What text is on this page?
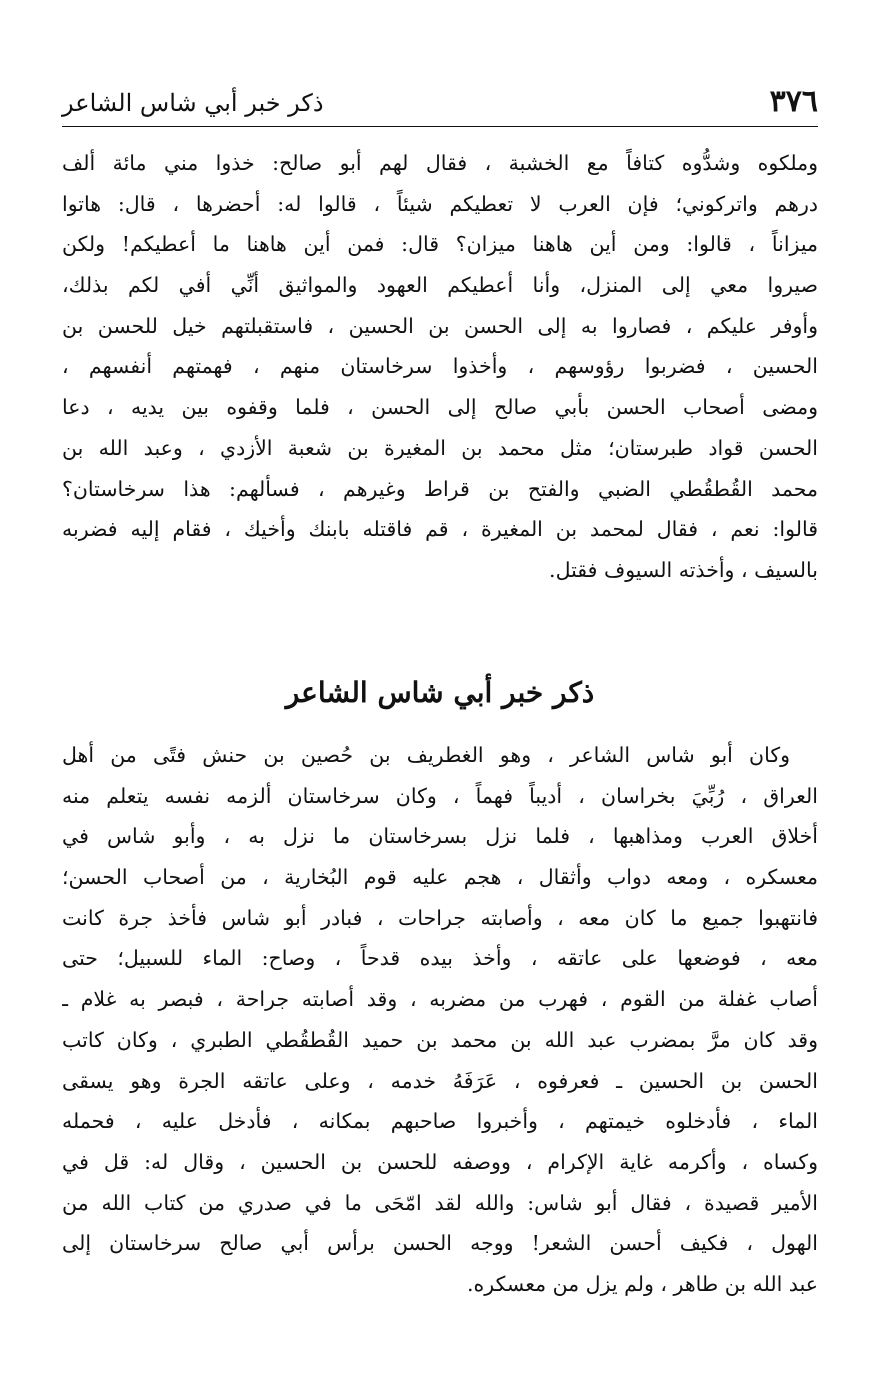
٣٧٦
ذكر خبر أبي شاس الشاعر
وملكوه وشدُّوه كتافاً مع الخشبة ، فقال لهم أبو صالح: خذوا مني مائة ألف
درهم واتركوني؛ فإن العرب لا تعطيكم شيئاً ، قالوا له: أحضرها ، قال: هاتوا
ميزاناً ، قالوا: ومن أين هاهنا ميزان؟ قال: فمن أين هاهنا ما أعطيكم! ولكن
صيروا معي إلى المنزل، وأنا أعطيكم العهود والمواثيق أنِّي أفي لكم بذلك،
وأوفر عليكم ، فصاروا به إلى الحسن بن الحسين ، فاستقبلتهم خيل للحسن بن
الحسين ، فضربوا رؤوسهم ، وأخذوا سرخاستان منهم ، فهمتهم أنفسهم ،
ومضى أصحاب الحسن بأبي صالح إلى الحسن ، فلما وقفوه بين يديه ، دعا
الحسن قواد طبرستان؛ مثل محمد بن المغيرة بن شعبة الأزدي ، وعبد الله بن
محمد القُطقُطي الضبي والفتح بن قراط وغيرهم ، فسألهم: هذا سرخاستان؟
قالوا: نعم ، فقال لمحمد بن المغيرة ، قم فاقتله بابنك وأخيك ، فقام إليه فضربه
بالسيف ، وأخذته السيوف فقتل.
ذكر خبر أبي شاس الشاعر
وكان أبو شاس الشاعر ، وهو الغطريف بن حُصين بن حنش فتًى من أهل
العراق ، رُبِّيَ بخراسان ، أديباً فهماً ، وكان سرخاستان ألزمه نفسه يتعلم منه
أخلاق العرب ومذاهبها ، فلما نزل بسرخاستان ما نزل به ، وأبو شاس في
معسكره ، ومعه دواب وأثقال ، هجم عليه قوم البُخارية ، من أصحاب الحسن؛
فانتهبوا جميع ما كان معه ، وأصابته جراحات ، فبادر أبو شاس فأخذ جرة كانت
معه ، فوضعها على عاتقه ، وأخذ بيده قدحاً ، وصاح: الماء للسبيل؛ حتى
أصاب غفلة من القوم ، فهرب من مضربه ، وقد أصابته جراحة ، فبصر به غلام ـ
وقد كان مرَّ بمضرب عبد الله بن محمد بن حميد القُطقُطي الطبري ، وكان كاتب
الحسن بن الحسين ـ فعرفوه ، عَرَفَهُ خدمه ، وعلى عاتقه الجرة وهو يسقى
الماء ، فأدخلوه خيمتهم ، وأخبروا صاحبهم بمكانه ، فأدخل عليه ، فحمله
وكساه ، وأكرمه غاية الإكرام ، ووصفه للحسن بن الحسين ، وقال له: قل في
الأمير قصيدة ، فقال أبو شاس: والله لقد امّحَى ما في صدري من كتاب الله من
الهول ، فكيف أحسن الشعر! ووجه الحسن برأس أبي صالح سرخاستان إلى
عبد الله بن طاهر ، ولم يزل من معسكره.
